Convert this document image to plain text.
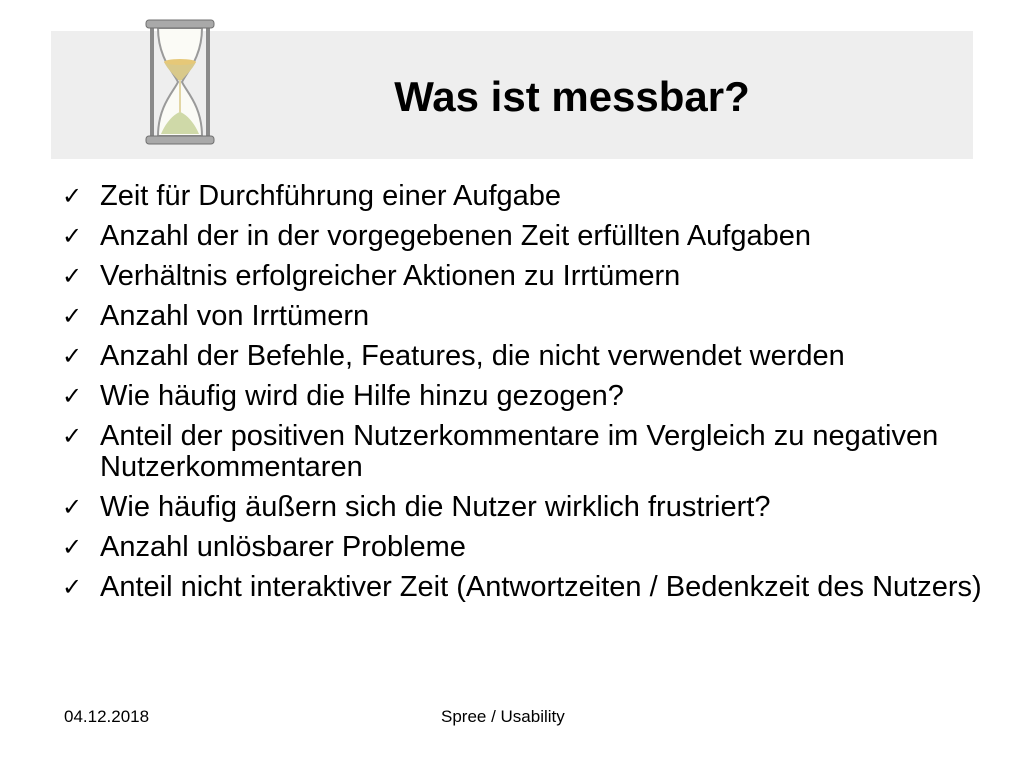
Was ist messbar?
✓ Zeit für Durchführung einer Aufgabe
✓ Anzahl der in der vorgegebenen Zeit erfüllten Aufgaben
✓ Verhältnis erfolgreicher Aktionen zu Irrtümern
✓ Anzahl von Irrtümern
✓ Anzahl der Befehle, Features, die nicht verwendet werden
✓ Wie häufig wird die Hilfe hinzu gezogen?
✓ Anteil der positiven Nutzerkommentare im Vergleich zu negativen Nutzerkommentaren
✓ Wie häufig äußern sich die Nutzer wirklich frustriert?
✓ Anzahl unlösbarer Probleme
✓ Anteil nicht interaktiver Zeit (Antwortzeiten / Bedenkzeit des Nutzers)
04.12.2018	Spree / Usability
